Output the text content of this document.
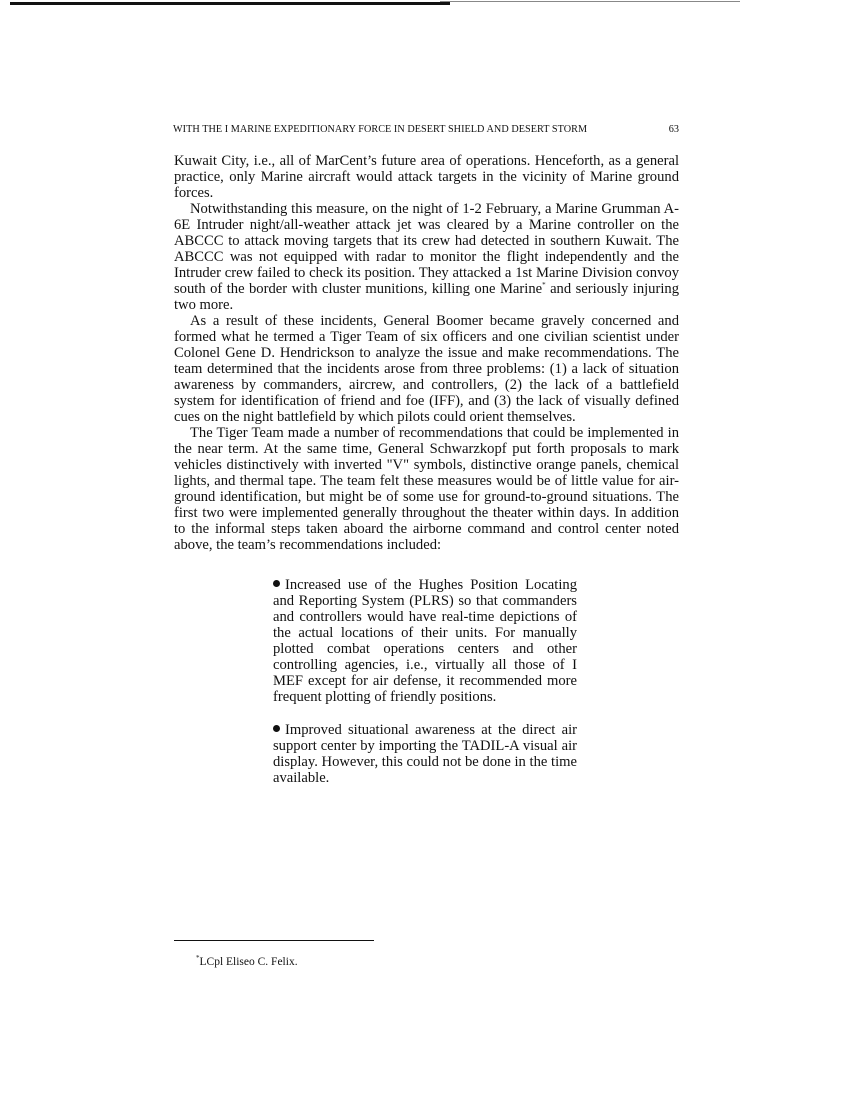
WITH THE I MARINE EXPEDITIONARY FORCE IN DESERT SHIELD AND DESERT STORM	63

Kuwait City, i.e., all of MarCent’s future area of operations. Henceforth, as a general practice, only Marine aircraft would attack targets in the vicinity of Marine ground forces.

Notwithstanding this measure, on the night of 1-2 February, a Marine Grumman A-6E Intruder night/all-weather attack jet was cleared by a Marine controller on the ABCCC to attack moving targets that its crew had detected in southern Kuwait. The ABCCC was not equipped with radar to monitor the flight independently and the Intruder crew failed to check its position. They attacked a 1st Marine Division convoy south of the border with cluster munitions, killing one Marine* and seriously injuring two more.

As a result of these incidents, General Boomer became gravely concerned and formed what he termed a Tiger Team of six officers and one civilian scientist under Colonel Gene D. Hendrickson to analyze the issue and make recommendations. The team determined that the incidents arose from three problems: (1) a lack of situation awareness by commanders, aircrew, and controllers, (2) the lack of a battlefield system for identification of friend and foe (IFF), and (3) the lack of visually defined cues on the night battlefield by which pilots could orient themselves.

The Tiger Team made a number of recommendations that could be implemented in the near term. At the same time, General Schwarzkopf put forth proposals to mark vehicles distinctively with inverted "V" symbols, distinctive orange panels, chemical lights, and thermal tape. The team felt these measures would be of little value for air-ground identification, but might be of some use for ground-to-ground situations. The first two were implemented generally throughout the theater within days. In addition to the informal steps taken aboard the airborne command and control center noted above, the team’s recommendations included:

Increased use of the Hughes Position Locating and Reporting System (PLRS) so that commanders and controllers would have real-time depictions of the actual locations of their units. For manually plotted combat operations centers and other controlling agencies, i.e., virtually all those of I MEF except for air defense, it recommended more frequent plotting of friendly positions.
Improved situational awareness at the direct air support center by importing the TADIL-A visual air display. However, this could not be done in the time available.
*LCpl Eliseo C. Felix.
